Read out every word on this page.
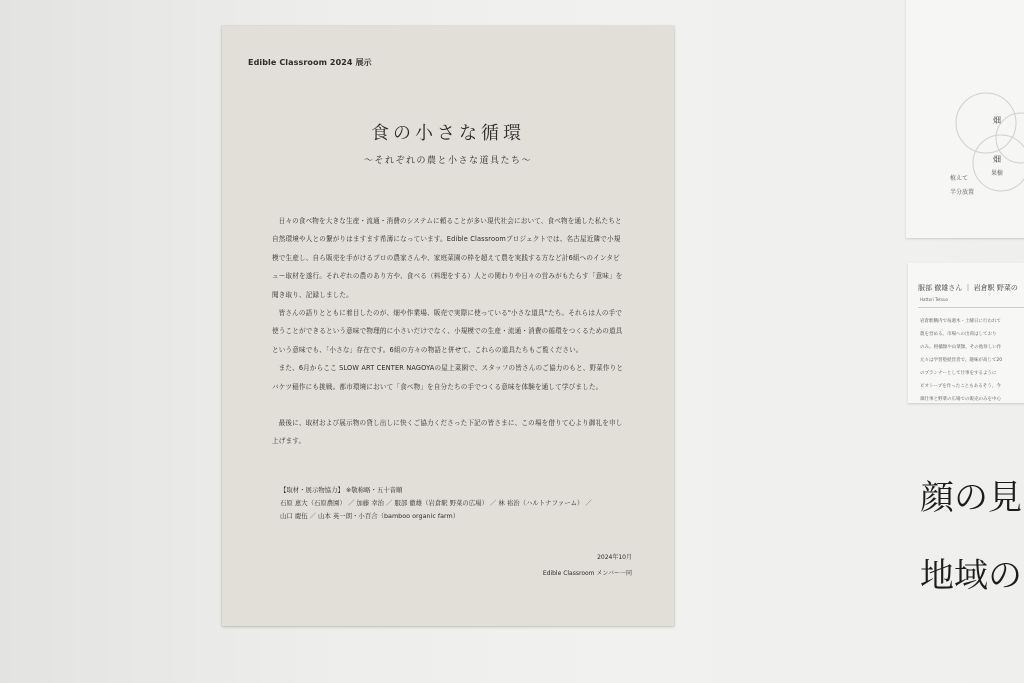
Edible Classroom 2024 展示
食の小さな循環
～それぞれの農と小さな道具たち～

日々の食べ物を大きな生産・流通・消費のシステムに頼ることが多い現代社会において、食べ物を通した私たちと自然環境や人との繋がりはますます希薄になっています。Edible Classroomプロジェクトでは、名古屋近隣で小規模で生産し、自ら販売を手がけるプロの農家さんや、家庭菜園の枠を超えて農を実践する方など計6組へのインタビュー取材を遂行。それぞれの農のあり方や、食べる（料理をする）人との関わりや日々の営みがもたらす「意味」を聞き取り、記録しました。

皆さんの語りとともに着目したのが、畑や作業場、販売で実際に使っている"小さな道具"たち。それらは人の手で使うことができるという意味で物理的に小さいだけでなく、小規模での生産・流通・消費の循環をつくるための道具という意味でも、「小さな」存在です。6組の方々の物語と併せて、これらの道具たちもご覧ください。

また、6月からここ SLOW ART CENTER NAGOYAの屋上菜園で、スタッフの皆さんのご協力のもと、野菜作りとバケツ稲作にも挑戦。都市環境において「食べ物」を自分たちの手でつくる意味を体験を通して学びました。

最後に、取材および展示物の貸し出しに快くご協力くださった下記の皆さまに、この場を借りて心より御礼を申し上げます。

【取材・展示物協力】 ※敬称略・五十音順
石原 恵大（石原農園） ／ 加藤 幸治 ／ 服部 徹雄（岩倉駅 野菜の広場） ／ 林 裕治（ハルトナファーム） ／
山口 慶伍 ／ 山本 英一朗・小百合（bamboo organic farm）
2024年10月
Edible Classroom メンバー一同
畑
畑
果樹
植えて
半分放置
服部 徹雄さん ｜ 岩倉駅 野菜の
Hattori Tetsuo
岩倉駅構内で毎週木・土曜日に行われて
農を営める。市場への出荷はしており
のみ。柑橘類や山菜類、その他珍しい作
元々は学習塾経営者で、趣味が高じて20
のプランナーとして仕事をするように
ビオトープを作ったこともあるそう。今
畑仕事と野菜の広場での販売のみを中心
顔の見
地域の
